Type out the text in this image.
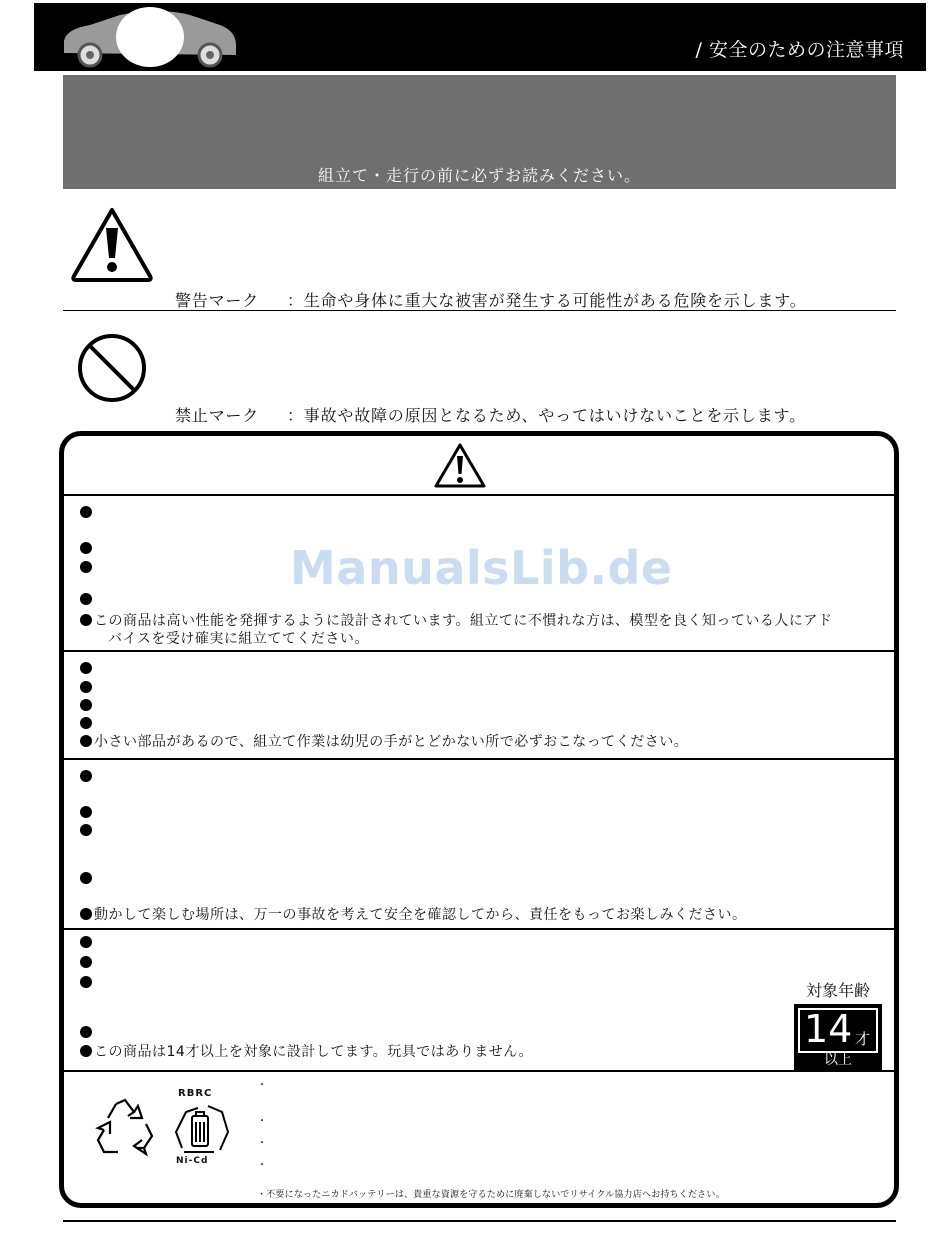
/ 安全のための注意事項
組立て・走行の前に必ずお読みください。
警告マーク ：生命や身体に重大な被害が発生する可能性がある危険を示します。
禁止マーク ：事故や故障の原因となるため、やってはいけないことを示します。
この商品は高い性能を発揮するように設計されています。組立てに不慣れな方は、模型を良く知っている人にアド
バイスを受け確実に組立ててください。
小さい部品があるので、組立て作業は幼児の手がとどかない所で必ずおこなってください。
動かして楽しむ場所は、万一の事故を考えて安全を確認してから、責任をもってお楽しみください。
この商品は14才以上を対象に設計してます。玩具ではありません。
RBRC
Ni-Cd
・
・
・
・
・不要になったニカドバッテリーは、貴重な資源を守るために廃棄しないでリサイクル協力店へお持ちください。
対象年齢
14 才
以上
ManualsLib.de
